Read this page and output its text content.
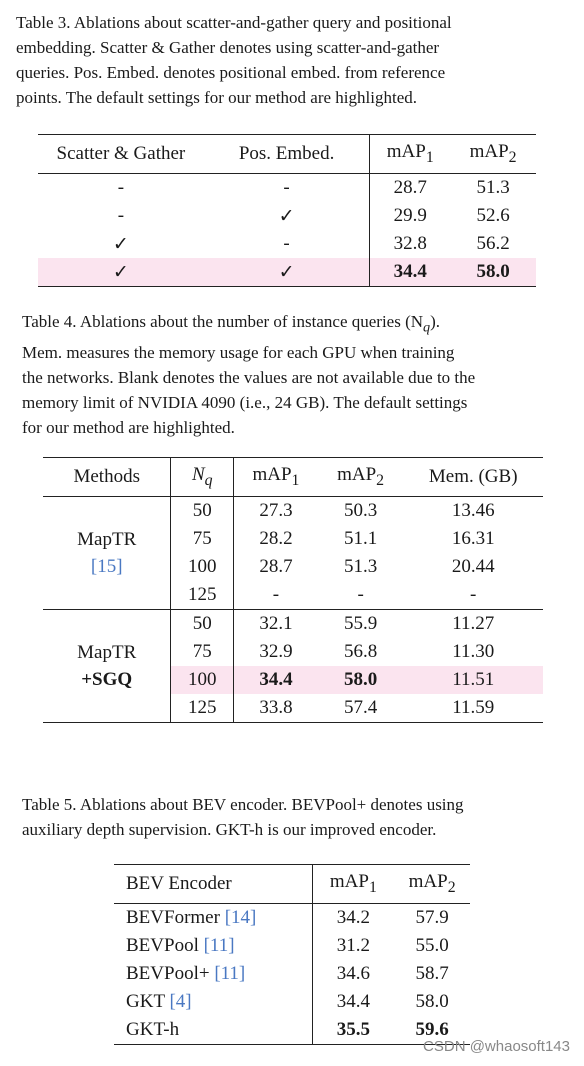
Table 3. Ablations about scatter-and-gather query and positional

embedding. Scatter & Gather denotes using scatter-and-gather

queries. Pos. Embed. denotes positional embed. from reference

points. The default settings for our method are highlighted.

Scatter & Gather	Pos. Embed.	mAP$_1$	mAP$_2$
-	-	28.7	51.3
-	✓	29.9	52.6
✓	-	32.8	56.2
✓	✓	34.4	58.0

Table 4. Ablations about the number of instance queries $(N_q)$.

Mem. measures the memory usage for each GPU when training

the networks. Blank denotes the values are not available due to the

memory limit of NVIDIA 4090 (i.e., 24 GB). The default settings

for our method are highlighted.

Methods	$N_q$	mAP$_1$	mAP$_2$	Mem. (GB)

MapTR
[15]	50	27.3	50.3	13.46
	75	28.2	51.1	16.31
	100	28.7	51.3	20.44
	125	-	-	-

MapTR
+SGQ	50	32.1	55.9	11.27
	75	32.9	56.8	11.30
	100	34.4	58.0	11.51
	125	33.8	57.4	11.59

Table 5. Ablations about BEV encoder. BEVPool+ denotes using

auxiliary depth supervision. GKT-h is our improved encoder.

BEV Encoder	mAP$_1$	mAP$_2$
BEVFormer [14]	34.2	57.9
BEVPool [11]	31.2	55.0
BEVPool+ [11]	34.6	58.7
GKT [4]	34.4	58.0
GKT-h	35.5	59.6
CSDN @whaosoft143
